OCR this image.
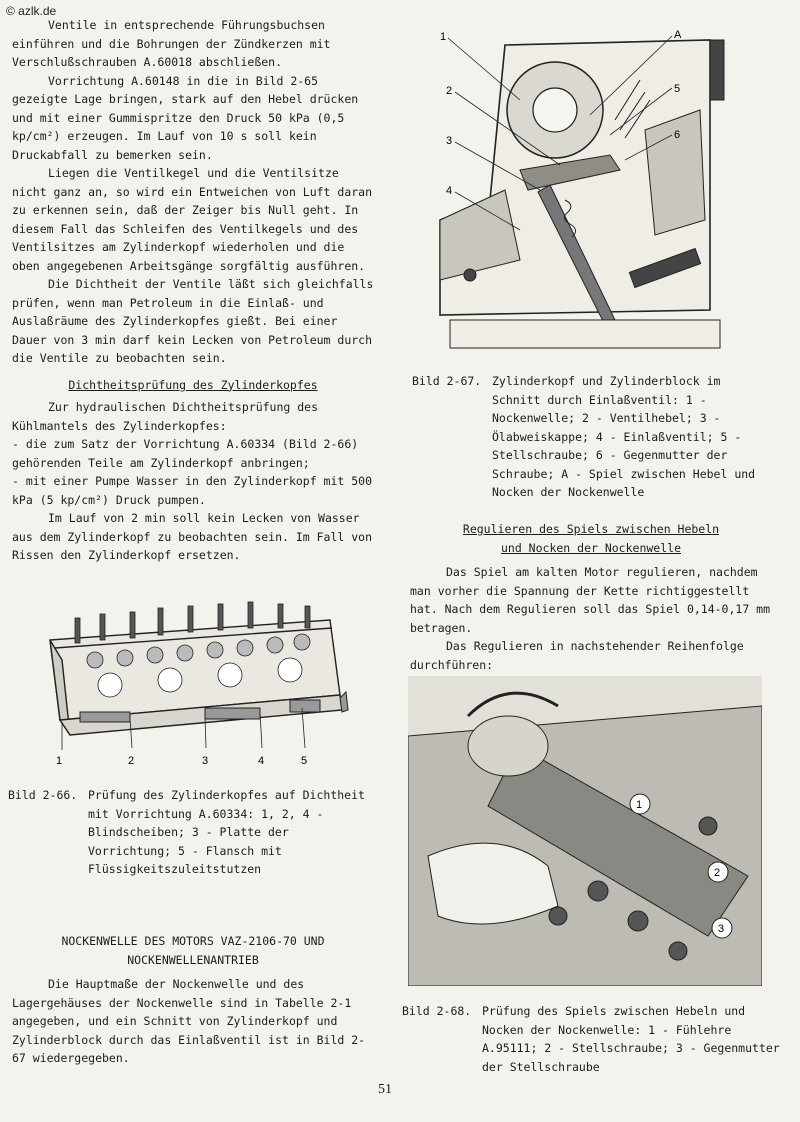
© azlk.de

Ventile in entsprechende Führungsbuchsen einführen und die Bohrungen der Zündkerzen mit Verschlußschrauben A.60018 abschließen.

Vorrichtung A.60148 in die in Bild 2-65 gezeigte Lage bringen, stark auf den Hebel drücken und mit einer Gummispritze den Druck 50 kPa (0,5 kp/cm²) erzeugen. Im Lauf von 10 s soll kein Druckabfall zu bemerken sein.

Liegen die Ventilkegel und die Ventilsitze nicht ganz an, so wird ein Entweichen von Luft daran zu erkennen sein, daß der Zeiger bis Null geht. In diesem Fall das Schleifen des Ventilkegels und des Ventilsitzes am Zylinderkopf wiederholen und die oben angegebenen Arbeitsgänge sorgfältig ausführen.

Die Dichtheit der Ventile läßt sich gleichfalls prüfen, wenn man Petroleum in die Einlaß- und Auslaßräume des Zylinderkopfes gießt. Bei einer Dauer von 3 min darf kein Lecken von Petroleum durch die Ventile zu beobachten sein.

Dichtheitsprüfung des Zylinderkopfes

Zur hydraulischen Dichtheitsprüfung des Kühlmantels des Zylinderkopfes:

- die zum Satz der Vorrichtung A.60334 (Bild 2-66) gehörenden Teile am Zylinderkopf anbringen;

- mit einer Pumpe Wasser in den Zylinderkopf mit 500 kPa (5 kp/cm²) Druck pumpen.

Im Lauf von 2 min soll kein Lecken von Wasser aus dem Zylinderkopf zu beobachten sein. Im Fall von Rissen den Zylinderkopf ersetzen.

1	2	3	4	5
Bild 2-66. Prüfung des Zylinderkopfes auf Dichtheit mit Vorrichtung A.60334: 1, 2, 4 - Blindscheiben; 3 - Platte der Vorrichtung; 5 - Flansch mit Flüssigkeitszuleitstutzen

NOCKENWELLE DES MOTORS VAZ-2106-70 UND

NOCKENWELLENANTRIEB

Die Hauptmaße der Nockenwelle und des Lagergehäuses der Nockenwelle sind in Tabelle 2-1 angegeben, und ein Schnitt von Zylinderkopf und Zylinderblock durch das Einlaßventil ist in Bild 2-67 wiedergegeben.

1
2
3
4
A
5
6
Bild 2-67. Zylinderkopf und Zylinderblock im Schnitt durch Einlaßventil: 1 - Nockenwelle; 2 - Ventilhebel; 3 - Ölabweiskappe; 4 - Einlaßventil; 5 - Stellschraube; 6 - Gegenmutter der Schraube; A - Spiel zwischen Hebel und Nocken der Nockenwelle

Regulieren des Spiels zwischen Hebeln

und Nocken der Nockenwelle

Das Spiel am kalten Motor regulieren, nachdem man vorher die Spannung der Kette richtiggestellt hat. Nach dem Regulieren soll das Spiel 0,14-0,17 mm betragen.

Das Regulieren in nachstehender Reihenfolge durchführen:

1
2
3
Bild 2-68. Prüfung des Spiels zwischen Hebeln und Nocken der Nockenwelle: 1 - Fühlehre A.95111; 2 - Stellschraube; 3 - Gegenmutter der Stellschraube
51
